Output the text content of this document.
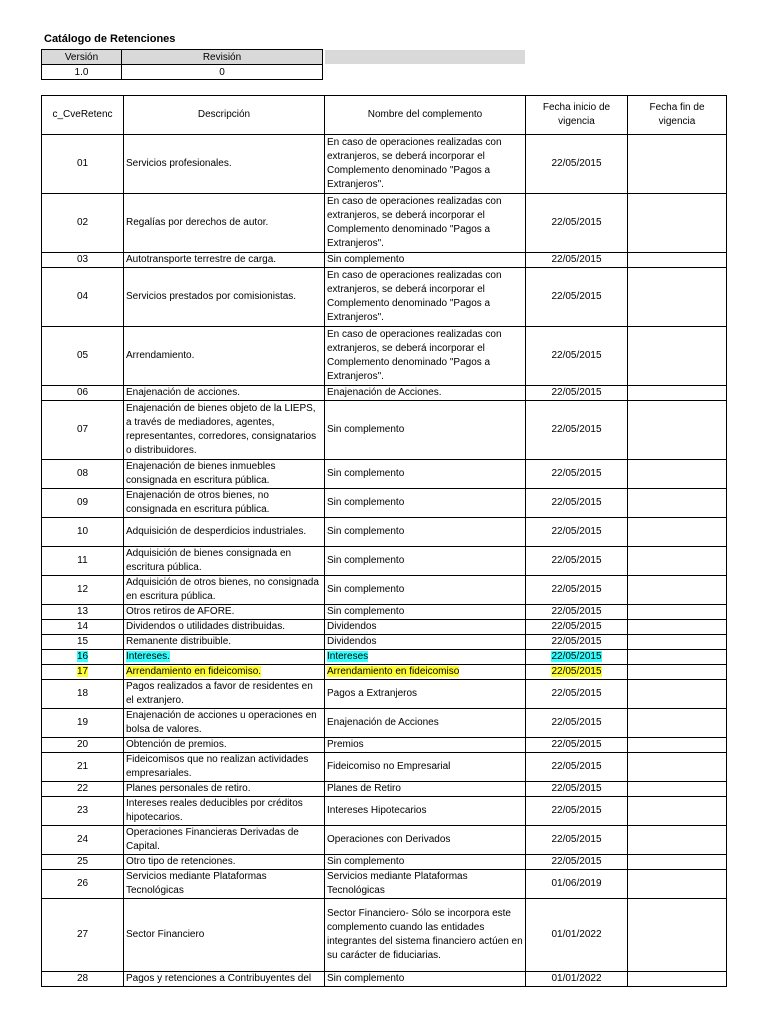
Catálogo de Retenciones
Versión	Revisión
1.0	0
c_CveRetenc	Descripción	Nombre del complemento	Fecha inicio de vigencia	Fecha fin de vigencia
01	Servicios profesionales.	En caso de operaciones realizadas con extranjeros, se deberá incorporar el Complemento denominado "Pagos a Extranjeros".	22/05/2015	
02	Regalías por derechos de autor.	En caso de operaciones realizadas con extranjeros, se deberá incorporar el Complemento denominado "Pagos a Extranjeros".	22/05/2015	
03	Autotransporte terrestre de carga.	Sin complemento	22/05/2015	
04	Servicios prestados por comisionistas.	En caso de operaciones realizadas con extranjeros, se deberá incorporar el Complemento denominado "Pagos a Extranjeros".	22/05/2015	
05	Arrendamiento.	En caso de operaciones realizadas con extranjeros, se deberá incorporar el Complemento denominado "Pagos a Extranjeros".	22/05/2015	
06	Enajenación de acciones.	Enajenación de Acciones.	22/05/2015	
07	Enajenación de bienes objeto de la LIEPS, a través de mediadores, agentes, representantes, corredores, consignatarios o distribuidores.	Sin complemento	22/05/2015	
08	Enajenación de bienes inmuebles consignada en escritura pública.	Sin complemento	22/05/2015	
09	Enajenación de otros bienes, no consignada en escritura pública.	Sin complemento	22/05/2015	
10	Adquisición de desperdicios industriales.	Sin complemento	22/05/2015	
11	Adquisición de bienes consignada en escritura pública.	Sin complemento	22/05/2015	
12	Adquisición de otros bienes, no consignada en escritura pública.	Sin complemento	22/05/2015	
13	Otros retiros de AFORE.	Sin complemento	22/05/2015	
14	Dividendos o utilidades distribuidas.	Dividendos	22/05/2015	
15	Remanente distribuible.	Dividendos	22/05/2015	
16	Intereses.	Intereses	22/05/2015	
17	Arrendamiento en fideicomiso.	Arrendamiento en fideicomiso	22/05/2015	
18	Pagos realizados a favor de residentes en el extranjero.	Pagos a Extranjeros	22/05/2015	
19	Enajenación de acciones u operaciones en bolsa de valores.	Enajenación de Acciones	22/05/2015	
20	Obtención de premios.	Premios	22/05/2015	
21	Fideicomisos que no realizan actividades empresariales.	Fideicomiso no Empresarial	22/05/2015	
22	Planes personales de retiro.	Planes de Retiro	22/05/2015	
23	Intereses reales deducibles por créditos hipotecarios.	Intereses Hipotecarios	22/05/2015	
24	Operaciones Financieras Derivadas de Capital.	Operaciones con Derivados	22/05/2015	
25	Otro tipo de retenciones.	Sin complemento	22/05/2015	
26	Servicios mediante Plataformas Tecnológicas	Servicios mediante Plataformas Tecnológicas	01/06/2019	
27	Sector Financiero	Sector Financiero- Sólo se incorpora este complemento cuando las entidades integrantes del sistema financiero actúen en su carácter de fiduciarias.	01/01/2022	
28	Pagos y retenciones a Contribuyentes del	Sin complemento	01/01/2022	
